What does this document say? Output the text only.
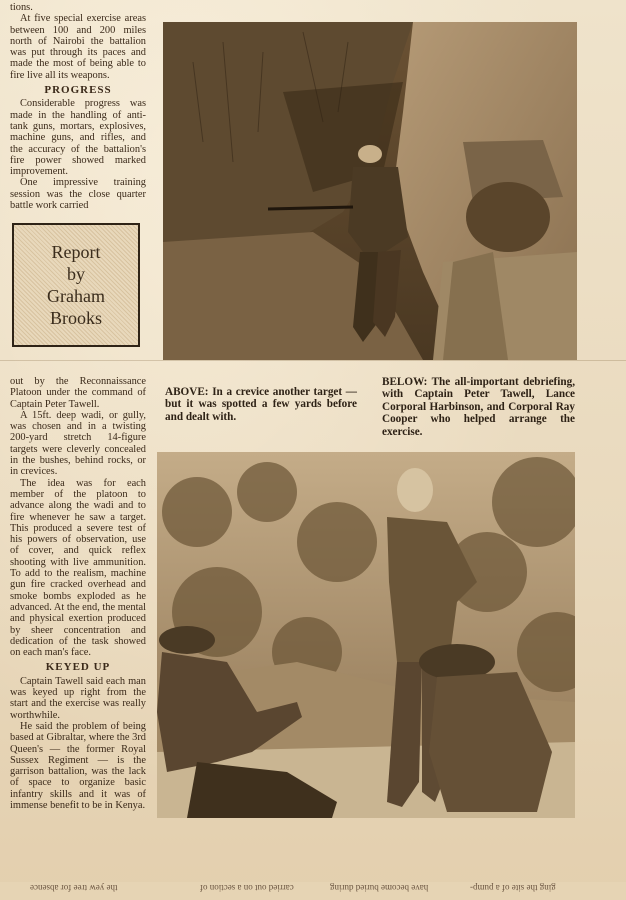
tions.

At five special exercise areas between 100 and 200 miles north of Nairobi the battalion was put through its paces and made the most of being able to fire live all its weapons.

PROGRESS

Considerable progress was made in the handling of anti-tank guns, mortars, explosives, machine guns, and rifles, and the accuracy of the battalion's fire power showed marked improvement.

One impressive training session was the close quarter battle work carried

Report
by
Graham
Brooks

out by the Reconnaissance Platoon under the command of Captain Peter Tawell.

A 15ft. deep wadi, or gully, was chosen and in a twisting 200-yard stretch 14-figure targets were cleverly concealed in the bushes, behind rocks, or in crevices.

The idea was for each member of the platoon to advance along the wadi and to fire whenever he saw a target. This produced a severe test of his powers of observation, use of cover, and quick reflex shooting with live ammunition. To add to the realism, machine gun fire cracked overhead and smoke bombs exploded as he advanced. At the end, the mental and physical exertion produced by sheer concentration and dedication of the task showed on each man's face.

KEYED UP

Captain Tawell said each man was keyed up right from the start and the exercise was really worthwhile.

He said the problem of being based at Gibraltar, where the 3rd Queen's — the former Royal Sussex Regiment — is the garrison battalion, was the lack of space to organize basic infantry skills and it was of immense benefit to be in Kenya.

ABOVE: In a crevice another target — but it was spotted a few yards before and dealt with.
BELOW: The all-important debriefing, with Captain Peter Tawell, Lance Corporal Harbinson, and Corporal Ray Cooper who helped arrange the exercise.
ging the site of a pump-
have become buried during
carried out on a section of
the yew tree for absence
